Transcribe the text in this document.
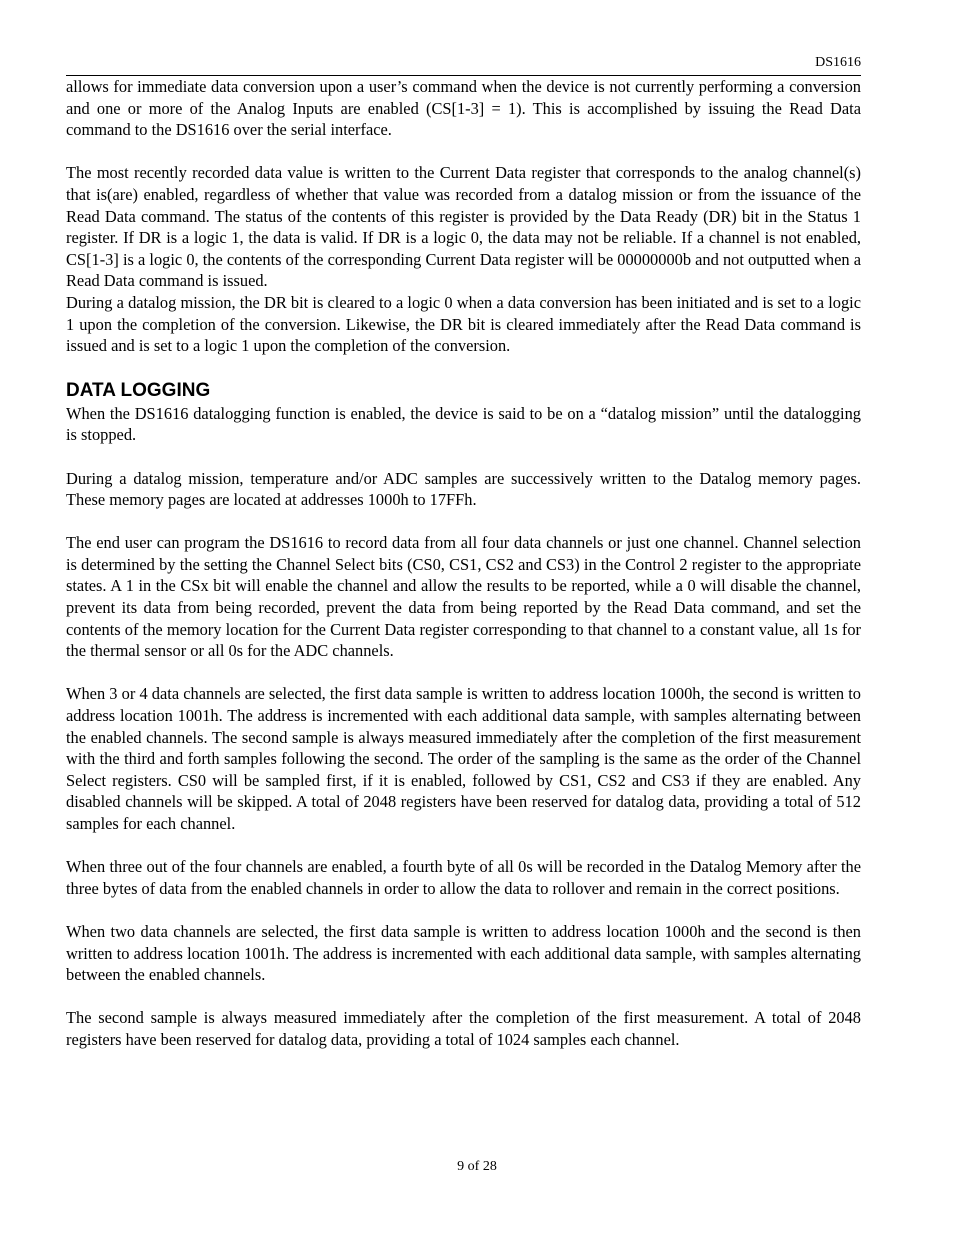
DS1616

allows for immediate data conversion upon a user’s command when the device is not currently performing a conversion and one or more of the Analog Inputs are enabled (CS[1-3] = 1). This is accomplished by issuing the Read Data command to the DS1616 over the serial interface.

The most recently recorded data value is written to the Current Data register that corresponds to the analog channel(s) that is(are) enabled, regardless of whether that value was recorded from a datalog mission or from the issuance of the Read Data command. The status of the contents of this register is provided by the Data Ready (DR) bit in the Status 1 register. If DR is a logic 1, the data is valid. If DR is a logic 0, the data may not be reliable. If a channel is not enabled, CS[1-3] is a logic 0, the contents of the corresponding Current Data register will be 00000000b and not outputted when a Read Data command is issued.

During a datalog mission, the DR bit is cleared to a logic 0 when a data conversion has been initiated and is set to a logic 1 upon the completion of the conversion. Likewise, the DR bit is cleared immediately after the Read Data command is issued and is set to a logic 1 upon the completion of the conversion.

DATA LOGGING

When the DS1616 datalogging function is enabled, the device is said to be on a “datalog mission” until the datalogging is stopped.

During a datalog mission, temperature and/or ADC samples are successively written to the Datalog memory pages. These memory pages are located at addresses 1000h to 17FFh.

The end user can program the DS1616 to record data from all four data channels or just one channel. Channel selection is determined by the setting the Channel Select bits (CS0, CS1, CS2 and CS3) in the Control 2 register to the appropriate states. A 1 in the CSx bit will enable the channel and allow the results to be reported, while a 0 will disable the channel, prevent its data from being recorded, prevent the data from being reported by the Read Data command, and set the contents of the memory location for the Current Data register corresponding to that channel to a constant value, all 1s for the thermal sensor or all 0s for the ADC channels.

When 3 or 4 data channels are selected, the first data sample is written to address location 1000h, the second is written to address location 1001h. The address is incremented with each additional data sample, with samples alternating between the enabled channels. The second sample is always measured immediately after the completion of the first measurement with the third and forth samples following the second. The order of the sampling is the same as the order of the Channel Select registers. CS0 will be sampled first, if it is enabled, followed by CS1, CS2 and CS3 if they are enabled. Any disabled channels will be skipped. A total of 2048 registers have been reserved for datalog data, providing a total of 512 samples for each channel.

When three out of the four channels are enabled, a fourth byte of all 0s will be recorded in the Datalog Memory after the three bytes of data from the enabled channels in order to allow the data to rollover and remain in the correct positions.

When two data channels are selected, the first data sample is written to address location 1000h and the second is then written to address location 1001h. The address is incremented with each additional data sample, with samples alternating between the enabled channels.

The second sample is always measured immediately after the completion of the first measurement. A total of 2048 registers have been reserved for datalog data, providing a total of 1024 samples each channel.

9 of 28
